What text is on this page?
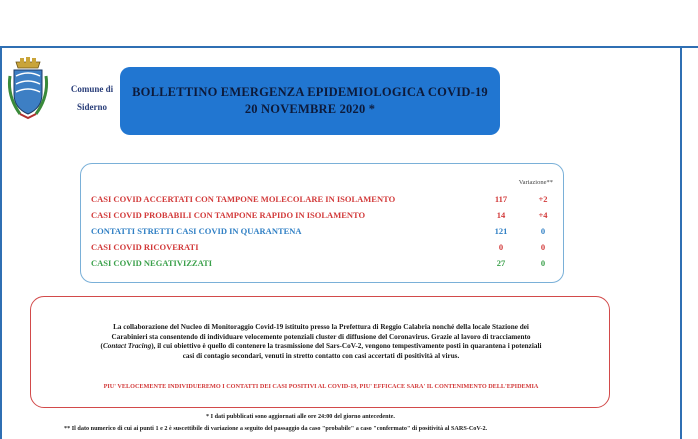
Comune di
Siderno
BOLLETTINO EMERGENZA EPIDEMIOLOGICA COVID-19
20 NOVEMBRE 2020 *
Variazione**
CASI COVID ACCERTATI CON TAMPONE MOLECOLARE IN ISOLAMENTO	117	+2
CASI COVID PROBABILI CON TAMPONE RAPIDO IN ISOLAMENTO	14	+4
CONTATTI STRETTI CASI COVID IN QUARANTENA	121	0
CASI COVID RICOVERATI	0	0
CASI COVID NEGATIVIZZATI	27	0
La collaborazione del Nucleo di Monitoraggio Covid-19 istituito presso la Prefettura di Reggio Calabria nonché della locale Stazione dei
Carabinieri sta consentendo di individuare velocemente potenziali cluster di diffusione del Coronavirus. Grazie al lavoro di tracciamento
(Contact Tracing), il cui obiettivo è quello di contenere la trasmissione del Sars-CoV-2, vengono tempestivamente posti in quarantena i potenziali
casi di contagio secondari, venuti in stretto contatto con casi accertati di positività al virus.
PIU' VELOCEMENTE INDIVIDUEREMO I CONTATTI DEI CASI POSITIVI AL COVID-19, PIU' EFFICACE SARA' IL CONTENIMENTO DELL'EPIDEMIA
* I dati pubblicati sono aggiornati alle ore 24:00 del giorno antecedente.
** Il dato numerico di cui ai punti 1 e 2 è suscettibile di variazione a seguito del passaggio da caso "probabile" a caso "confermato" di positività al SARS-CoV-2.
